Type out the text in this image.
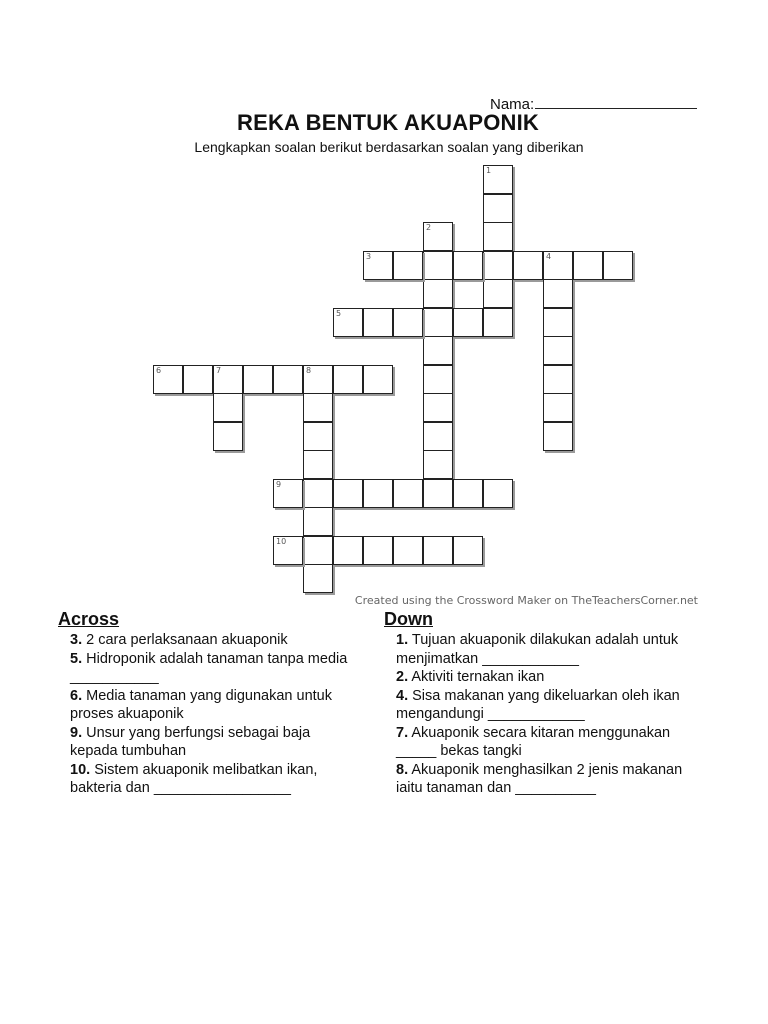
Nama:
REKA BENTUK AKUAPONIK

Lengkapkan soalan berikut berdasarkan soalan yang diberikan

1
2
3	4
5
6	7	8
9
10
Created using the Crossword Maker on TheTeachersCorner.net
Across
3. 2 cara perlaksanaan akuaponik
5. Hidroponik adalah tanaman tanpa media ___________
6. Media tanaman yang digunakan untuk proses akuaponik
9. Unsur yang berfungsi sebagai baja kepada tumbuhan
10. Sistem akuaponik melibatkan ikan, bakteria dan _________________
Down
1. Tujuan akuaponik dilakukan adalah untuk menjimatkan ____________
2. Aktiviti ternakan ikan
4. Sisa makanan yang dikeluarkan oleh ikan mengandungi ____________
7. Akuaponik secara kitaran menggunakan _____ bekas tangki
8. Akuaponik menghasilkan 2 jenis makanan iaitu tanaman dan __________
